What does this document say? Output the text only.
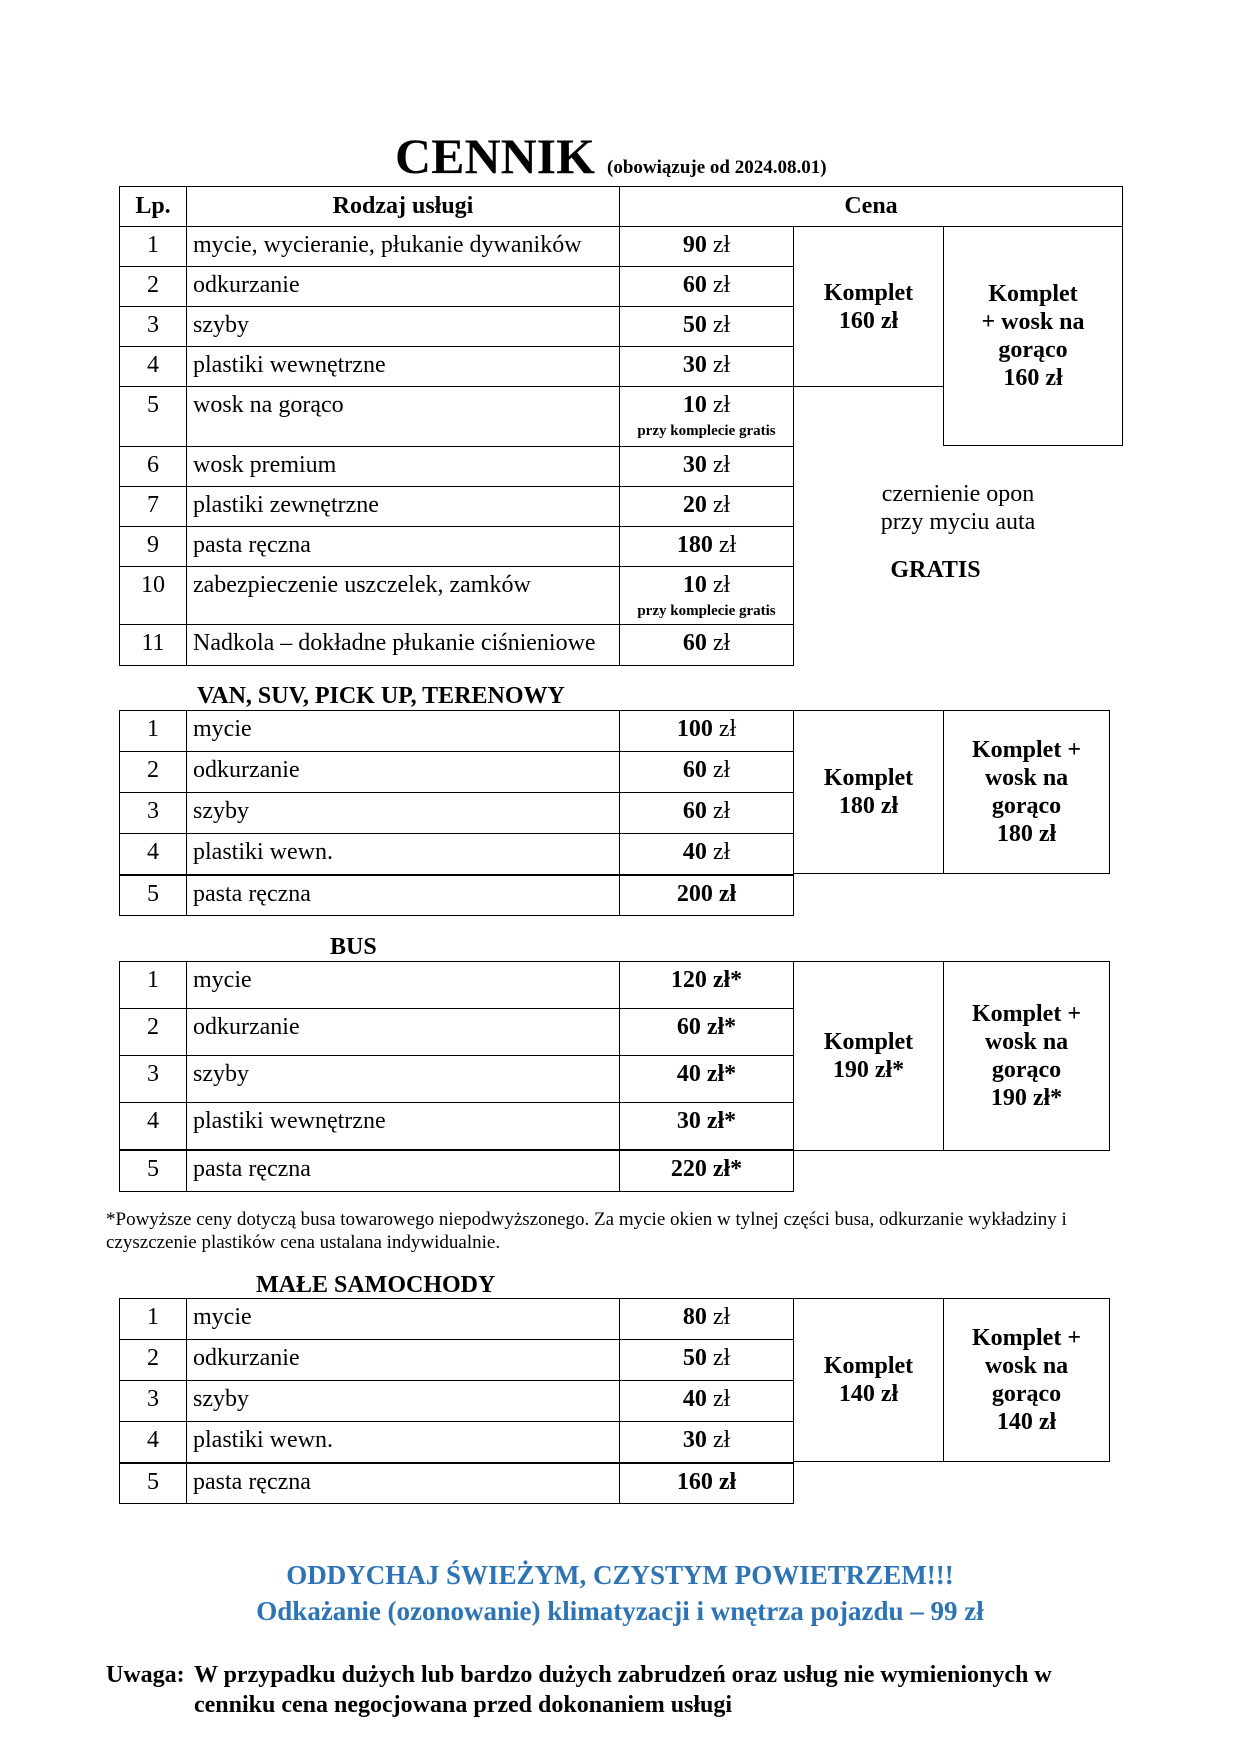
CENNIK (obowiązuje od 2024.08.01)
Lp.	Rodzaj usługi	Cena
1	mycie, wycieranie, płukanie dywaników	90 zł
2	odkurzanie	60 zł
3	szyby	50 zł
4	plastiki wewnętrzne	30 zł
5	wosk na gorąco	10 zł
przy komplecie gratis
6	wosk premium	30 zł
7	plastiki zewnętrzne	20 zł
9	pasta ręczna	180 zł
10	zabezpieczenie uszczelek, zamków	10 zł
przy komplecie gratis
11	Nadkola – dokładne płukanie ciśnieniowe	60 zł
Komplet
160 zł
Komplet
+ wosk na
gorąco
160 zł
czernienie opon
przy myciu auta
GRATIS
VAN, SUV, PICK UP, TERENOWY
1	mycie	100 zł
2	odkurzanie	60 zł
3	szyby	60 zł
4	plastiki wewn.	40 zł
5	pasta ręczna	200 zł
Komplet
180 zł
Komplet +
wosk na
gorąco
180 zł
BUS
1	mycie	120 zł*
2	odkurzanie	60 zł*
3	szyby	40 zł*
4	plastiki wewnętrzne	30 zł*
5	pasta ręczna	220 zł*
Komplet
190 zł*
Komplet +
wosk na
gorąco
190 zł*
*Powyższe ceny dotyczą busa towarowego niepodwyższonego. Za mycie okien w tylnej części busa, odkurzanie wykładziny i czyszczenie plastików cena ustalana indywidualnie.
MAŁE SAMOCHODY
1	mycie	80 zł
2	odkurzanie	50 zł
3	szyby	40 zł
4	plastiki wewn.	30 zł
5	pasta ręczna	160 zł
Komplet
140 zł
Komplet +
wosk na
gorąco
140 zł
ODDYCHAJ ŚWIEŻYM, CZYSTYM POWIETRZEM!!!
Odkażanie (ozonowanie) klimatyzacji i wnętrza pojazdu – 99 zł
Uwaga: W przypadku dużych lub bardzo dużych zabrudzeń oraz usług nie wymienionych w
cenniku cena negocjowana przed dokonaniem usługi
